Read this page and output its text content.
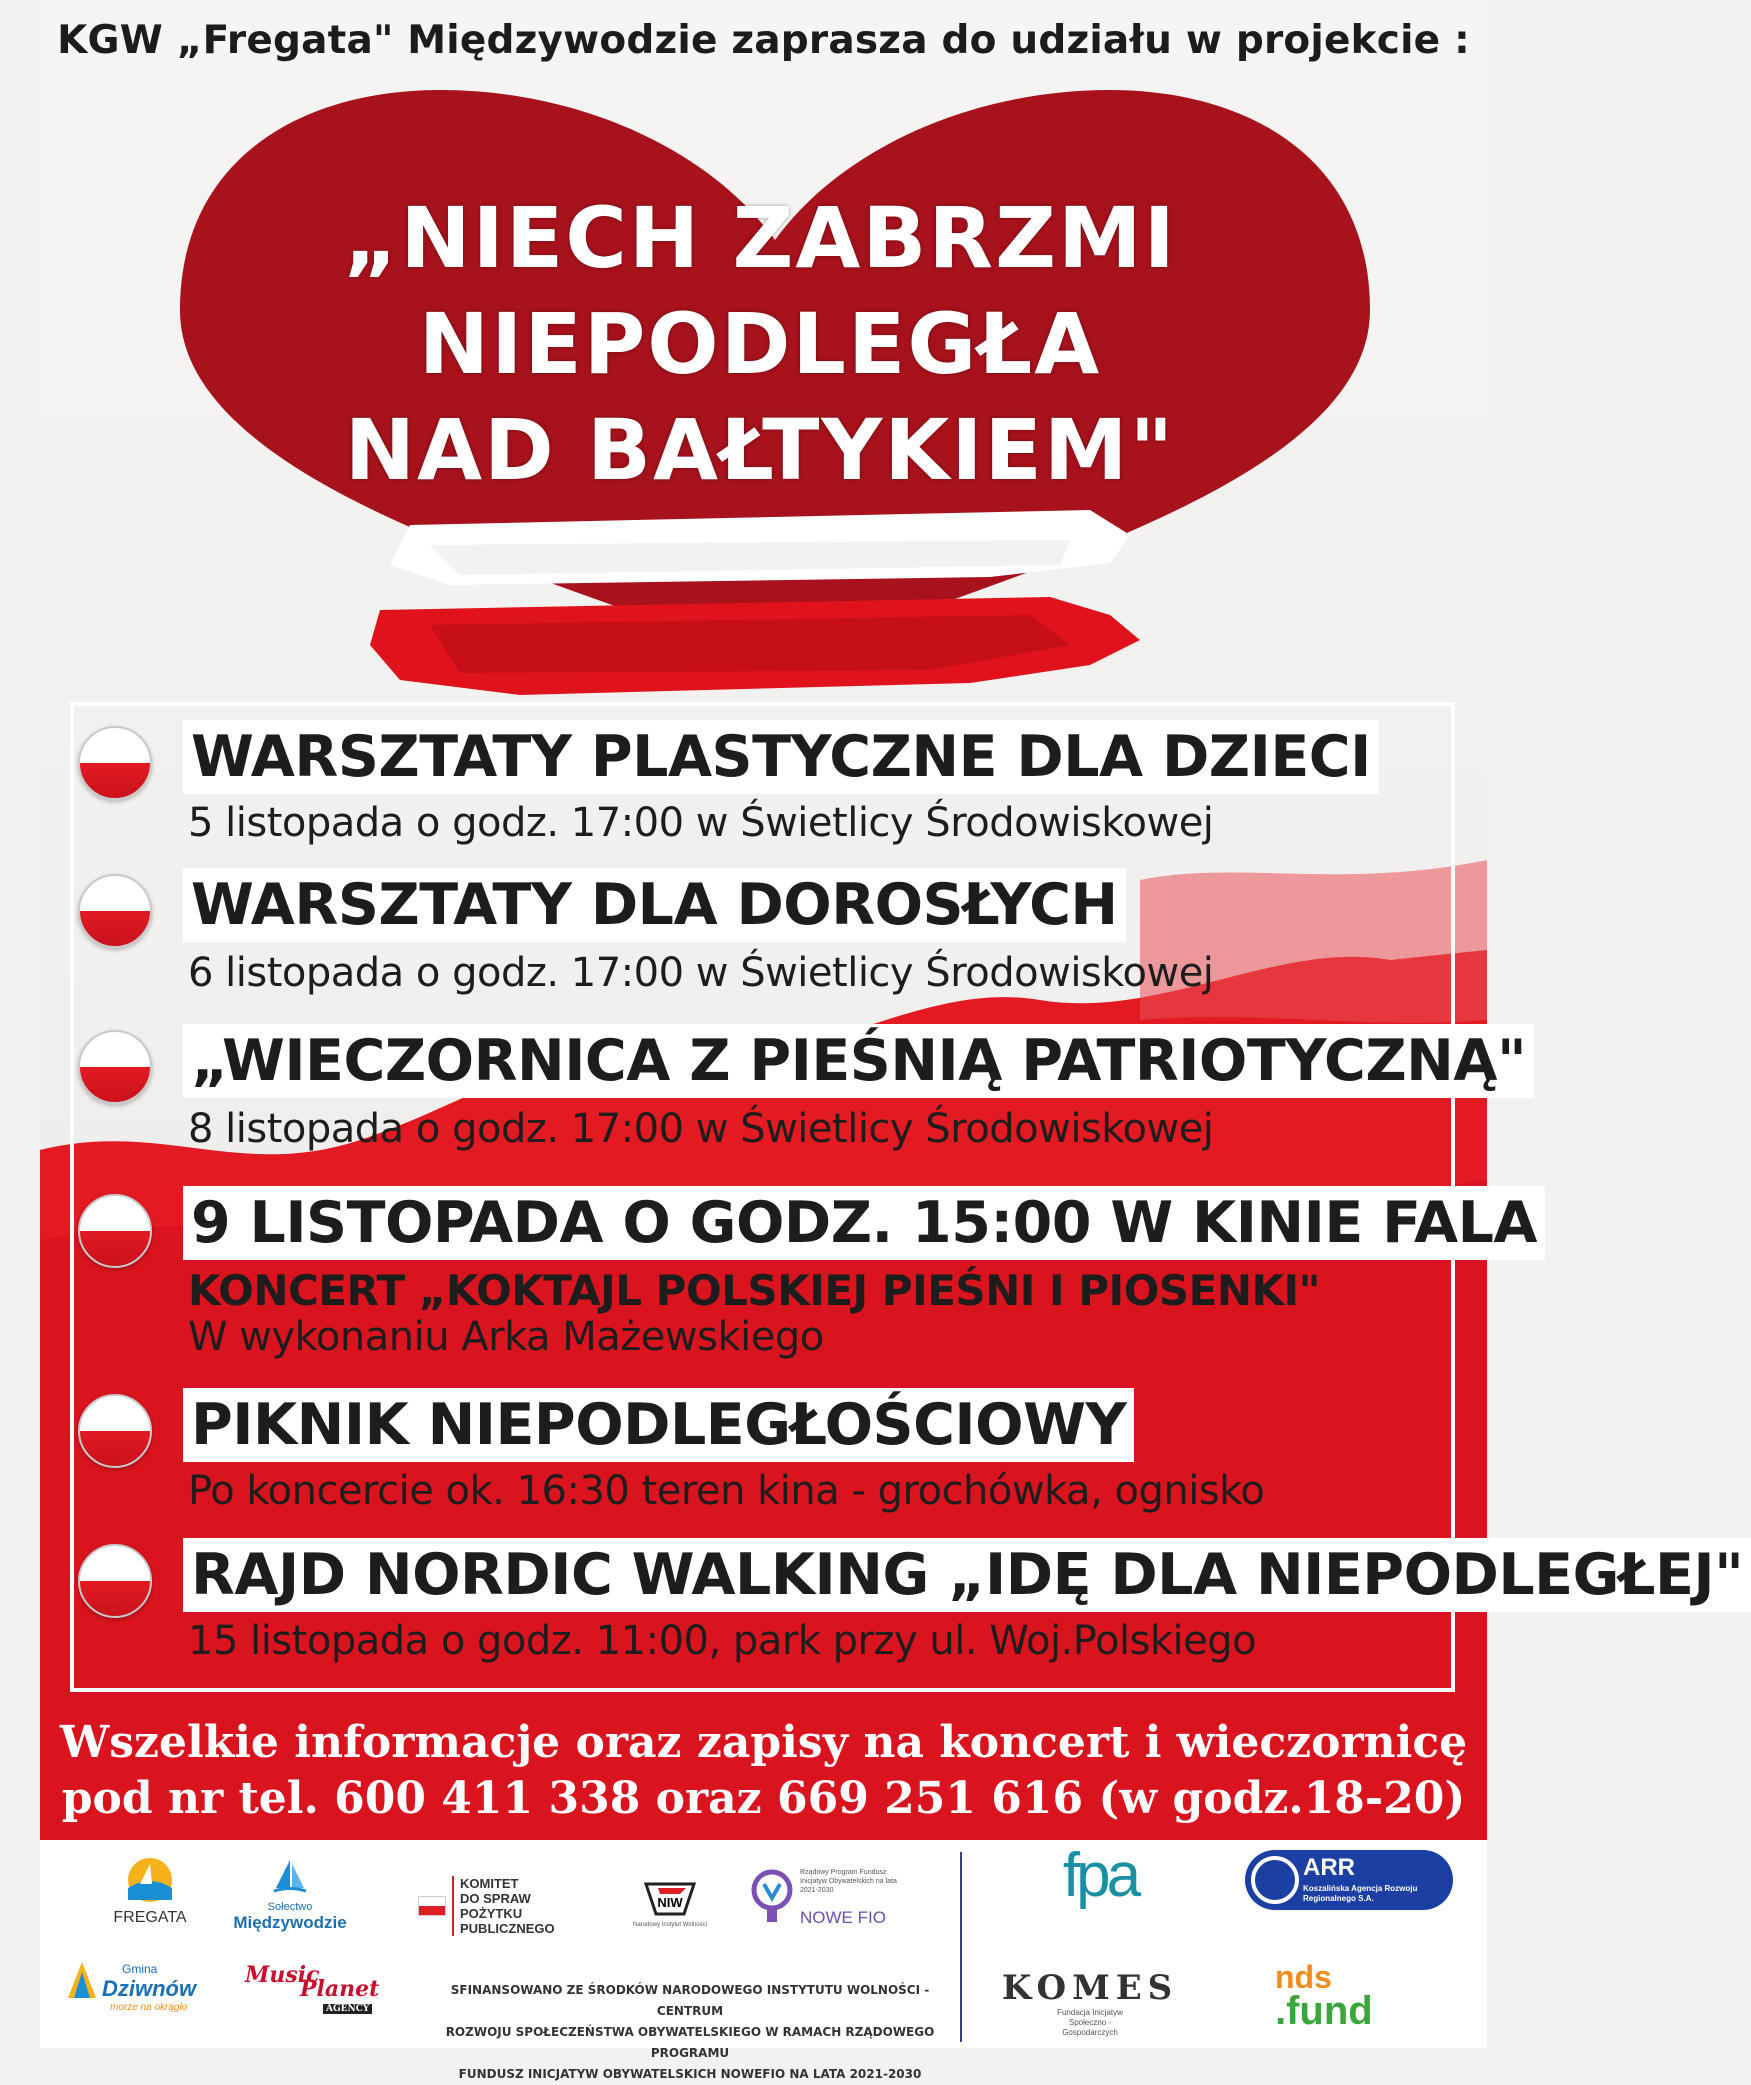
KGW „Fregata" Międzywodzie zaprasza do udziału w projekcie :
„NIECH ZABRZMI
NIEPODLEGŁA
NAD BAŁTYKIEM"
WARSZTATY PLASTYCZNE DLA DZIECI
5 listopada o godz. 17:00 w Świetlicy Środowiskowej
WARSZTATY DLA DOROSŁYCH
6 listopada o godz. 17:00 w Świetlicy Środowiskowej
„WIECZORNICA Z PIEŚNIĄ PATRIOTYCZNĄ"
8 listopada o godz. 17:00 w Świetlicy Środowiskowej
9 LISTOPADA O GODZ. 15:00 W KINIE FALA
KONCERT „KOKTAJL POLSKIEJ PIEŚNI I PIOSENKI"
W wykonaniu Arka Mażewskiego
PIKNIK NIEPODLEGŁOŚCIOWY
Po koncercie ok. 16:30 teren kina - grochówka, ognisko
RAJD NORDIC WALKING „IDĘ DLA NIEPODLEGŁEJ"
15 listopada o godz. 11:00, park przy ul. Woj.Polskiego
Wszelkie informacje oraz zapisy na koncert i wieczornicę
pod nr tel. 600 411 338 oraz 669 251 616 (w godz.18-20)
FREGATA
Sołectwo
Międzywodzie
KOMITET
DO SPRAW
POŻYTKU
PUBLICZNEGO
NIW
Narodowy Instytut Wolności
Rządowy Program Fundusz Inicjatyw Obywatelskich na lata 2021-2030
NOWE FIO
Gmina
Dziwnów
morze na okrągło
Music
Planet
AGENCY
SFINANSOWANO ZE ŚRODKÓW NARODOWEGO INSTYTUTU WOLNOŚCI - CENTRUM
ROZWOJU SPOŁECZEŃSTWA OBYWATELSKIEGO W RAMACH RZĄDOWEGO PROGRAMU
FUNDUSZ INICJATYW OBYWATELSKICH NOWEFIO NA LATA 2021-2030
fpa	ARR
Koszalińska Agencja Rozwoju Regionalnego S.A.
KOMES
Fundacja Inicjatyw Społeczno - Gospodarczych
nds
.fund
